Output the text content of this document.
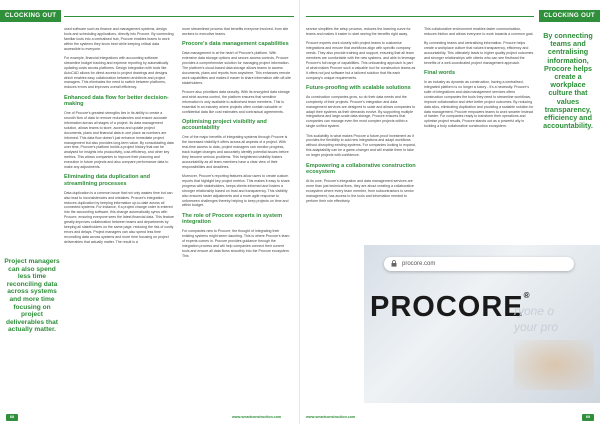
CLOCKING OUT

used software such as finance and management systems, design tools and scheduling applications, directly into Procore. By connecting familiar tools into a centralised hub, Procore enables teams to work within the systems they know best while keeping critical data accessible to everyone.

For example, financial integrations with accounting software streamline budget tracking and expense reporting by automatically updating costs across platforms. Design integration with tools like AutoCAD allows for direct access to project drawings and designs which enables easy collaboration between architects and project managers. This eliminates the need to switch between platforms, reduces errors and improves overall efficiency.

Enhanced data flow for better decision-making

One of Procore's greatest strengths lies in its ability to create a smooth flow of data to remove redundancies and ensure accurate information across all stages of a project. Its data management solution, allows teams to store, access and update project documents, plans and financial data in one place as numbers are informed. This data flow doesn't just enhance immediate project management but also provides long-term value. By consolidating data over time, Procore's platform builds a project history that can be analysed for insights into productivity, cost-efficiency, and other key metrics. This allows companies to improve their planning and execution in future projects and also compare performance data to make any adjustments.

Eliminating data duplication and streamlining processes

Data duplication is a common issue that not only wastes time but can also lead to inconsistencies and mistakes. Procore's integration reduces duplication by keeping information up-to-date across all connected systems. For instance, if a project change order is entered into the accounting software, this change automatically syncs with Procore, ensuring everyone sees the latest financial data. This feature greatly improves collaboration between teams and departments by keeping all stakeholders on the same page, reducing the risk of costly errors and delays. Project managers can also spend less time reconciling data across systems and more time focusing on project deliverables that actually matter. The result is a

more streamlined process that benefits everyone involved, from site workers to executive teams.

Procore's data management capabilities

Data management is at the heart of Procore's platform. With extensive data storage options and secure access controls, Procore provides a comprehensive solution for managing project information. The platform's cloud-based data storage allows teams to access documents, plans and reports from anywhere. This enhances remote work capabilities and makes it easier to share information with off-site stakeholders.

Procore also prioritises data security. With its encrypted data storage and strict access control, the platform ensures that sensitive information is only available to authorised team members. This is essential in an industry where projects often contain valuable or confidential data like cost estimates and contractual agreements.

Optimising project visibility and accountability

One of the major benefits of integrating systems through Procore is the increased visibility it offers across all aspects of a project. With real-time access to data, project managers can monitor progress, track budget changes and accurately identify potential issues before they become serious problems. This heightened visibility fosters accountability as all team members have a clear view of their responsibilities and deadlines.

Moreover, Procore's reporting features allow users to create custom reports that highlight key project metrics. This makes it easy to share progress with stakeholders, keeps clients informed and fosters a stronger relationship based on trust and transparency. This visibility also ensures faster adjustments and a more agile response to unforeseen challenges thereby helping to keep projects on time and within budget.

The role of Procore experts in system integration

For companies new to Procore, the thought of integrating their existing systems might seem daunting. This is where Procore's team of experts comes in. Procore provides guidance through the integration process and will help companies connect their current tools and ensure all data flows smoothly into the Procore ecosystem. This

Project managers can also spend less time reconciling data across systems and more time focusing on project deliverables that actually matter.
www.smartconstruction.com
68
CLOCKING OUT

service simplifies the setup process, reduces the learning curve for teams and makes it easier to start seeing the benefits right away.

Procore experts work closely with project teams to customise integrations and ensure that workflows align with specific company needs. They also provide training and support, ensuring that all team members are comfortable with the new systems, and able to leverage Procore's full range of capabilities. This onboarding approach is part of what makes Procore such a valuable tool for construction teams as it offers not just software but a tailored solution that fits each company's unique requirements.

Future-proofing with scalable solutions

As construction companies grow, so do their data needs and the complexity of their projects. Procore's integration and data management services are designed to scale and allows companies to adapt their systems as their demands evolve. By supporting multiple integrations and large-scale data storage, Procore ensures that companies can manage even the most complex projects within a single unified system.

This scalability is what makes Procore a future-proof investment as it provides the flexibility to add new integrations and adapt workflows without disrupting existing systems. For companies looking to expand, this adaptability can be a game-changer and will enable them to take on larger projects with confidence.

Empowering a collaborative construction ecosystem

At its core, Procore's integration and data management services are more than just technical fixes, they are about creating a collaborative ecosystem where every team member, from subcontractors to senior management, has access to the tools and information needed to perform their role effectively.

This collaborative environment enables faster communication, reduces friction and allows everyone to work towards a common goal.

By connecting teams and centralising information, Procore helps create a workplace culture that values transparency, efficiency and accountability. This ultimately leads to higher quality project outcomes and stronger relationships with clients who can see firsthand the benefits of a well-coordinated project management approach.

Final words

In an industry as dynamic as construction, having a centralised, integrated platform is no longer a luxury - it's a necessity. Procore's suite of integrations and data management services offers construction companies the tools they need to streamline workflows, improve collaboration and drive better project outcomes. By reducing data silos, eliminating duplication and providing a scalable solution for data management, Procore empowers teams to work smarter instead of harder. For companies ready to transform their operations and optimise project results, Procore stands out as a powerful ally in building a truly collaborative construction ecosystem.

www.smartconstruction.com	69
By connecting teams and centralising information, Procore helps create a workplace culture that values transparency, efficiency and accountability.
procore.com
PROCORE®
ryone o
your pro
